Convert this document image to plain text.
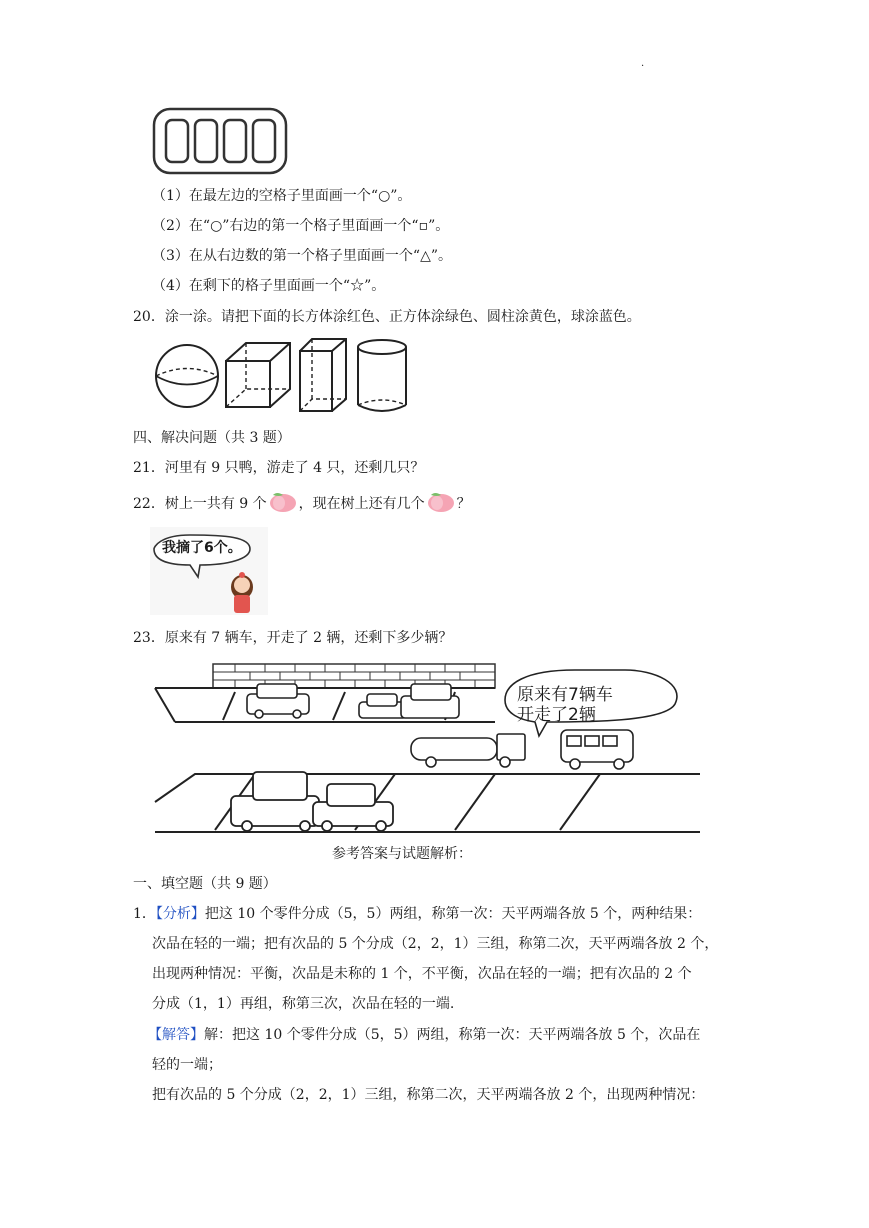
.
（1）在最左边的空格子里面画一个“○”。
（2）在“○”右边的第一个格子里面画一个“▫”。
（3）在从右边数的第一个格子里面画一个“△”。
（4）在剩下的格子里面画一个“☆”。
20．涂一涂。请把下面的长方体涂红色、正方体涂绿色、圆柱涂黄色，球涂蓝色。
四、解决问题（共 3 题）
21．河里有 9 只鸭，游走了 4 只，还剩几只？
22．树上一共有 9 个 ，现在树上还有几个 ？
我摘了6个。
23．原来有 7 辆车，开走了 2 辆，还剩下多少辆？
原来有7辆车
开走了2辆
参考答案与试题解析：
一、填空题（共 9 题）
1．【分析】把这 10 个零件分成（5，5）两组，称第一次：天平两端各放 5 个，两种结果：
次品在轻的一端；把有次品的 5 个分成（2，2，1）三组，称第二次，天平两端各放 2 个，
出现两种情况：平衡，次品是未称的 1 个，不平衡，次品在轻的一端；把有次品的 2 个
分成（1，1）再组，称第三次，次品在轻的一端.
【解答】解：把这 10 个零件分成（5，5）两组，称第一次：天平两端各放 5 个，次品在
轻的一端；
把有次品的 5 个分成（2，2，1）三组，称第二次，天平两端各放 2 个，出现两种情况：
